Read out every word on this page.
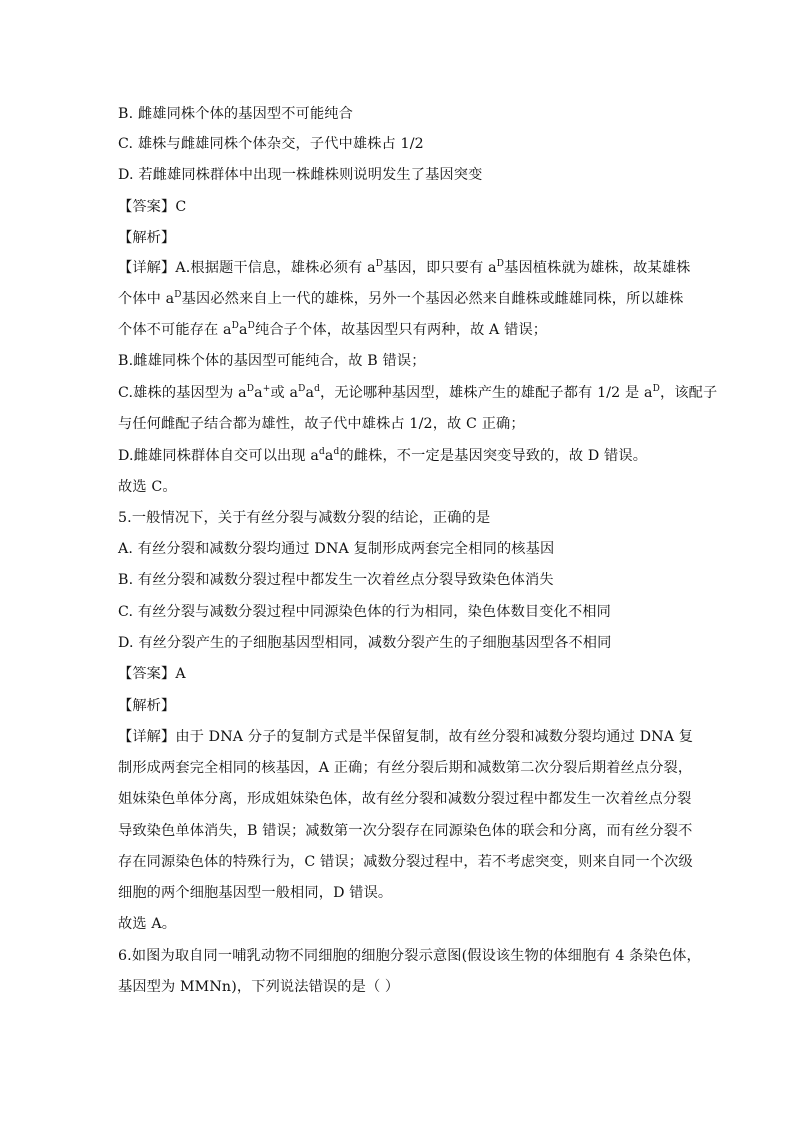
B. 雌雄同株个体的基因型不可能纯合
C. 雄株与雌雄同株个体杂交，子代中雄株占 1/2
D. 若雌雄同株群体中出现一株雌株则说明发生了基因突变
【答案】C
【解析】
【详解】A.根据题干信息，雄株必须有 $a^D$基因，即只要有 $a^D$基因植株就为雄株，故某雄株
个体中 $a^D$基因必然来自上一代的雄株，另外一个基因必然来自雌株或雌雄同株，所以雄株
个体不可能存在 $a^Da^D$纯合子个体，故基因型只有两种，故 A 错误；
B.雌雄同株个体的基因型可能纯合，故 B 错误；
C.雄株的基因型为 $a^Da^+$或 $a^Da^d$，无论哪种基因型，雄株产生的雄配子都有 1/2 是 $a^D$，该配子
与任何雌配子结合都为雄性，故子代中雄株占 1/2，故 C 正确；
D.雌雄同株群体自交可以出现 $a^da^d$的雌株，不一定是基因突变导致的，故 D 错误。
故选 C。
5.一般情况下，关于有丝分裂与减数分裂的结论，正确的是
A. 有丝分裂和减数分裂均通过 DNA 复制形成两套完全相同的核基因
B. 有丝分裂和减数分裂过程中都发生一次着丝点分裂导致染色体消失
C. 有丝分裂与减数分裂过程中同源染色体的行为相同，染色体数目变化不相同
D. 有丝分裂产生的子细胞基因型相同，减数分裂产生的子细胞基因型各不相同
【答案】A
【解析】
【详解】由于 DNA 分子的复制方式是半保留复制，故有丝分裂和减数分裂均通过 DNA 复
制形成两套完全相同的核基因，A 正确；有丝分裂后期和减数第二次分裂后期着丝点分裂，
姐妹染色单体分离，形成姐妹染色体，故有丝分裂和减数分裂过程中都发生一次着丝点分裂
导致染色单体消失，B 错误；减数第一次分裂存在同源染色体的联会和分离，而有丝分裂不
存在同源染色体的特殊行为，C 错误；减数分裂过程中，若不考虑突变，则来自同一个次级
细胞的两个细胞基因型一般相同，D 错误。
故选 A。
6.如图为取自同一哺乳动物不同细胞的细胞分裂示意图(假设该生物的体细胞有 4 条染色体，
基因型为 MMNn)，下列说法错误的是（ ）
